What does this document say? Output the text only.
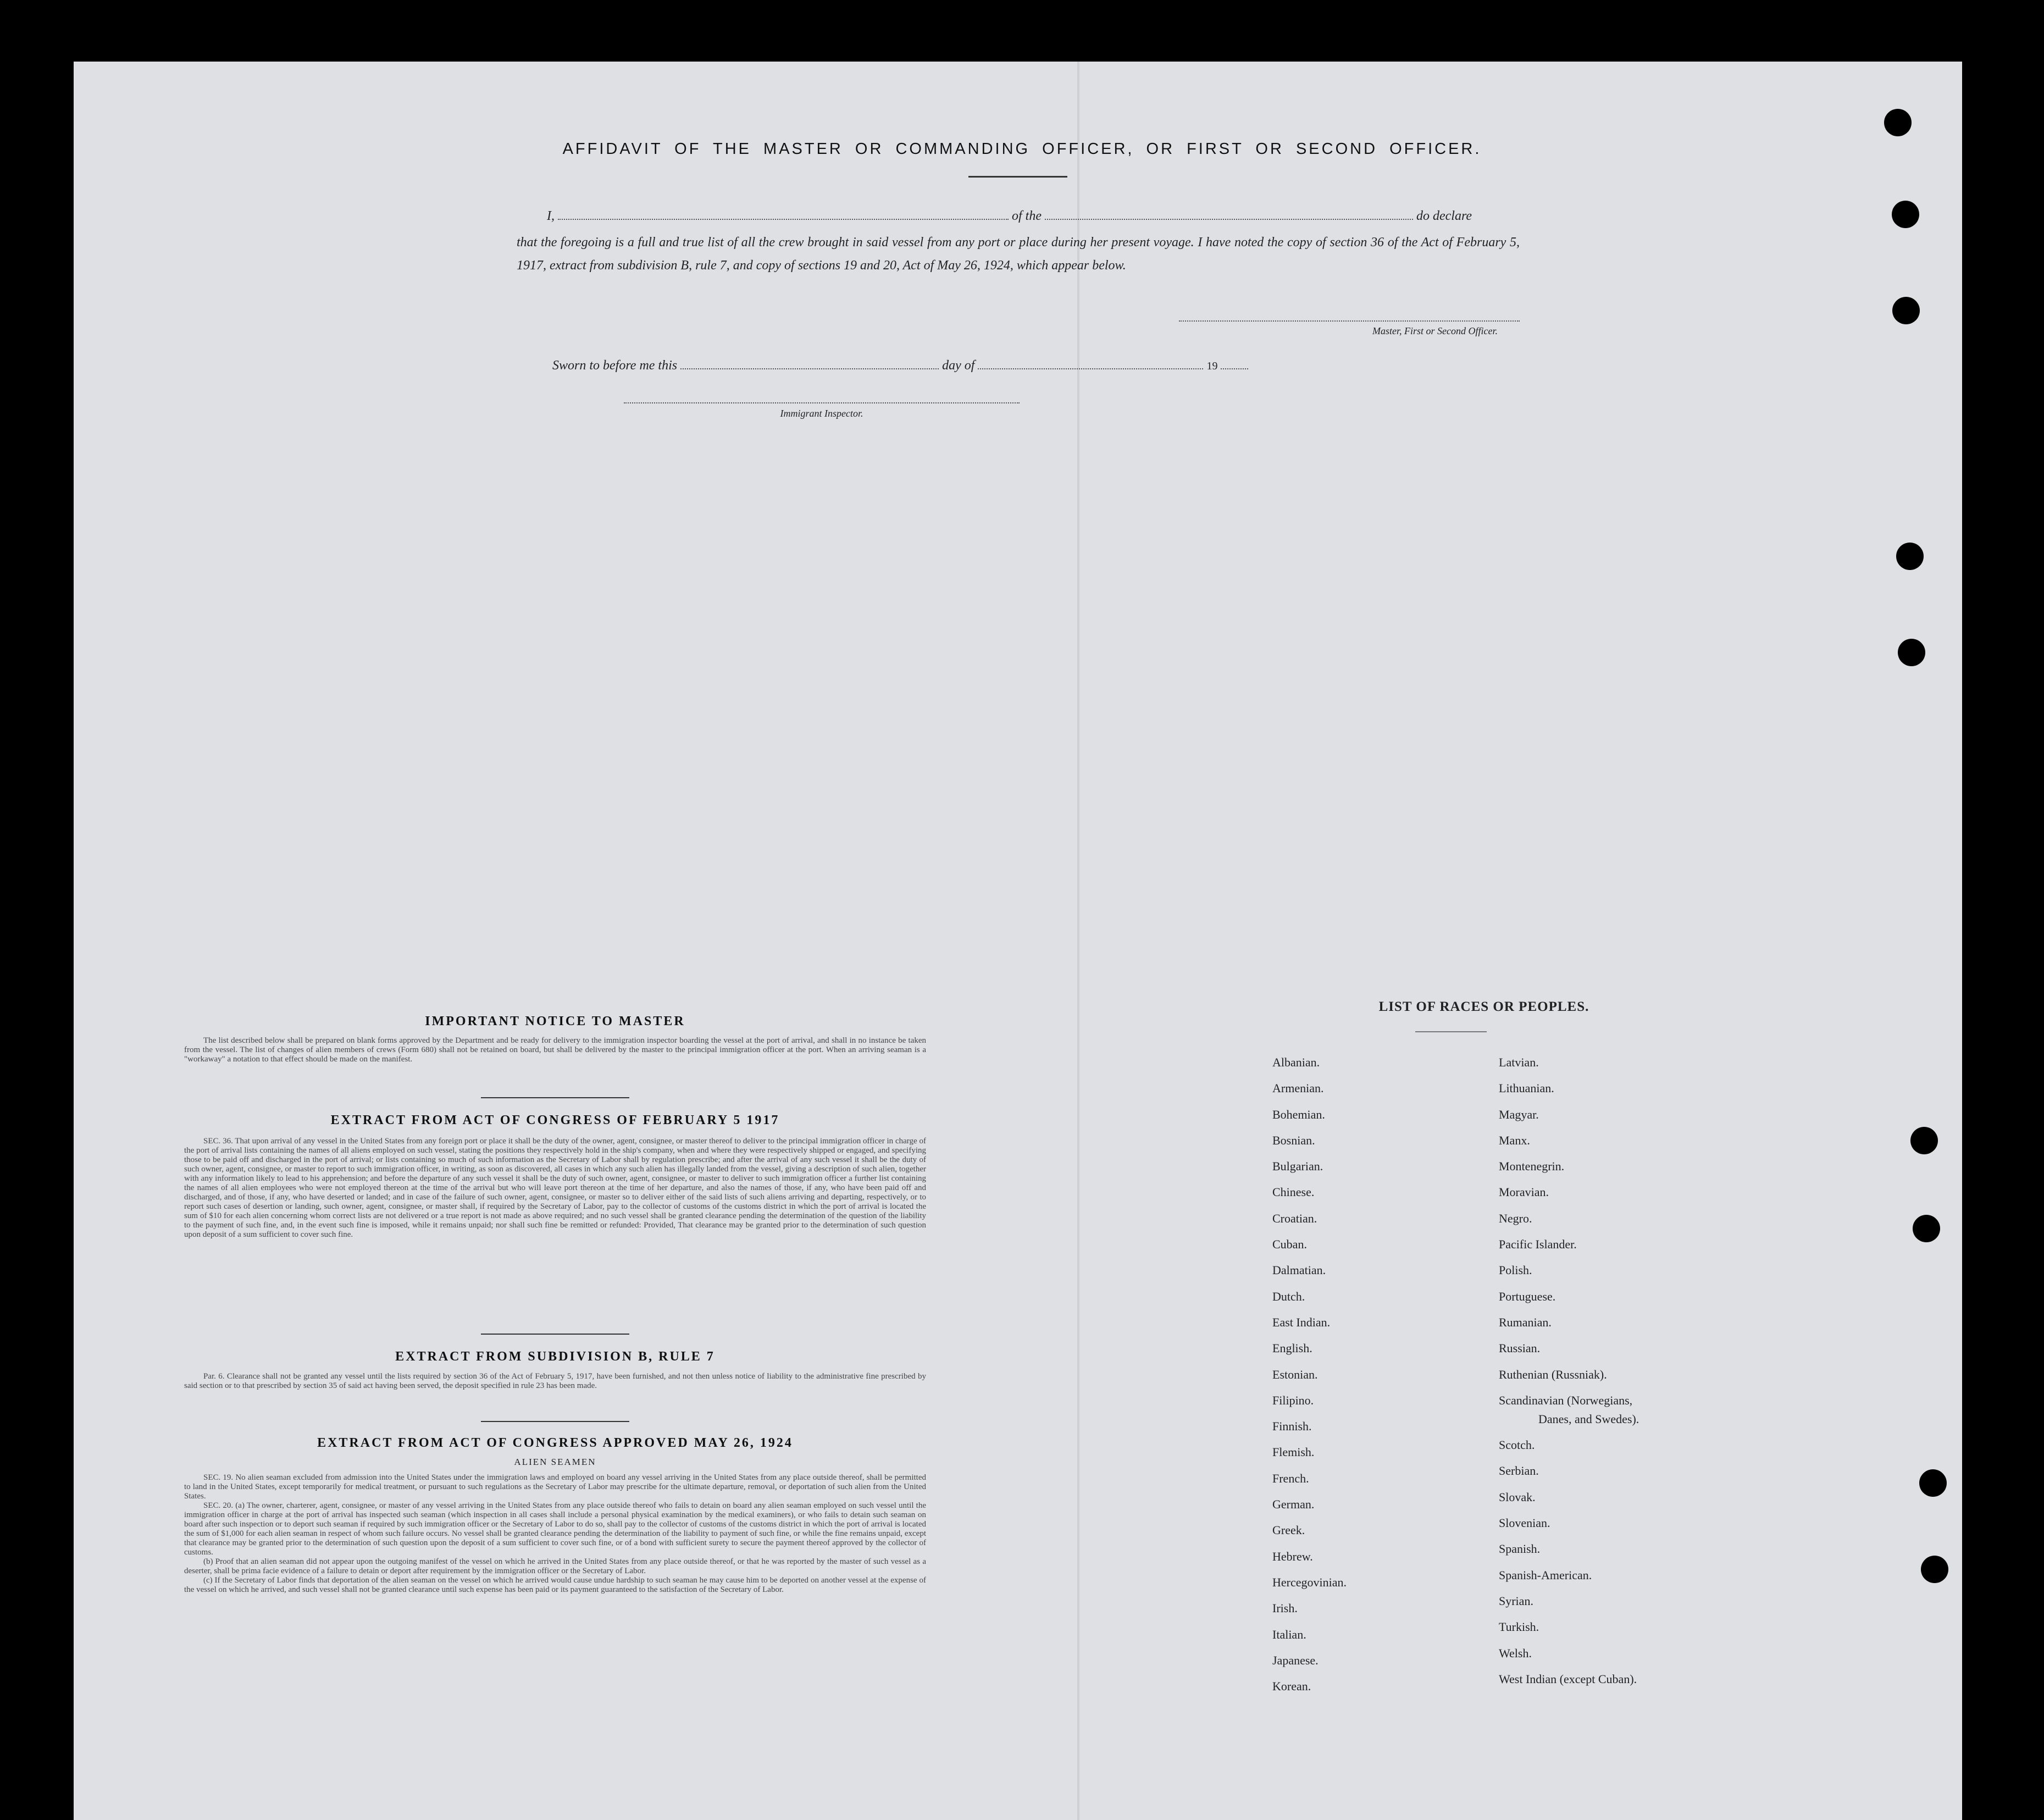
AFFIDAVIT OF THE MASTER OR COMMANDING OFFICER, OR FIRST OR SECOND OFFICER.
I,	of the	do declare
that the foregoing is a full and true list of all the crew brought in said vessel from any port or place during her present voyage. I have noted the copy of section 36 of the Act of February 5, 1917, extract from subdivision B, rule 7, and copy of sections 19 and 20, Act of May 26, 1924, which appear below.
Master, First or Second Officer.
Sworn to before me this	day of	19
Immigrant Inspector.
IMPORTANT NOTICE TO MASTER

The list described below shall be prepared on blank forms approved by the Department and be ready for delivery to the immigration inspector boarding the vessel at the port of arrival, and shall in no instance be taken from the vessel. The list of changes of alien members of crews (Form 680) shall not be retained on board, but shall be delivered by the master to the principal immigration officer at the port. When an arriving seaman is a "workaway" a notation to that effect should be made on the manifest.

EXTRACT FROM ACT OF CONGRESS OF FEBRUARY 5 1917

SEC. 36. That upon arrival of any vessel in the United States from any foreign port or place it shall be the duty of the owner, agent, consignee, or master thereof to deliver to the principal immigration officer in charge of the port of arrival lists containing the names of all aliens employed on such vessel, stating the positions they respectively hold in the ship's company, when and where they were respectively shipped or engaged, and specifying those to be paid off and discharged in the port of arrival; or lists containing so much of such information as the Secretary of Labor shall by regulation prescribe; and after the arrival of any such vessel it shall be the duty of such owner, agent, consignee, or master to report to such immigration officer, in writing, as soon as discovered, all cases in which any such alien has illegally landed from the vessel, giving a description of such alien, together with any information likely to lead to his apprehension; and before the departure of any such vessel it shall be the duty of such owner, agent, consignee, or master to deliver to such immigration officer a further list containing the names of all alien employees who were not employed thereon at the time of the arrival but who will leave port thereon at the time of her departure, and also the names of those, if any, who have been paid off and discharged, and of those, if any, who have deserted or landed; and in case of the failure of such owner, agent, consignee, or master so to deliver either of the said lists of such aliens arriving and departing, respectively, or to report such cases of desertion or landing, such owner, agent, consignee, or master shall, if required by the Secretary of Labor, pay to the collector of customs of the customs district in which the port of arrival is located the sum of $10 for each alien concerning whom correct lists are not delivered or a true report is not made as above required; and no such vessel shall be granted clearance pending the determination of the question of the liability to the payment of such fine, and, in the event such fine is imposed, while it remains unpaid; nor shall such fine be remitted or refunded: Provided, That clearance may be granted prior to the determination of such question upon deposit of a sum sufficient to cover such fine.

EXTRACT FROM SUBDIVISION B, RULE 7

Par. 6. Clearance shall not be granted any vessel until the lists required by section 36 of the Act of February 5, 1917, have been furnished, and not then unless notice of liability to the administrative fine prescribed by said section or to that prescribed by section 35 of said act having been served, the deposit specified in rule 23 has been made.

EXTRACT FROM ACT OF CONGRESS APPROVED MAY 26, 1924
ALIEN SEAMEN

SEC. 19. No alien seaman excluded from admission into the United States under the immigration laws and employed on board any vessel arriving in the United States from any place outside thereof, shall be permitted to land in the United States, except temporarily for medical treatment, or pursuant to such regulations as the Secretary of Labor may prescribe for the ultimate departure, removal, or deportation of such alien from the United States.

SEC. 20. (a) The owner, charterer, agent, consignee, or master of any vessel arriving in the United States from any place outside thereof who fails to detain on board any alien seaman employed on such vessel until the immigration officer in charge at the port of arrival has inspected such seaman (which inspection in all cases shall include a personal physical examination by the medical examiners), or who fails to detain such seaman on board after such inspection or to deport such seaman if required by such immigration officer or the Secretary of Labor to do so, shall pay to the collector of customs of the customs district in which the port of arrival is located the sum of $1,000 for each alien seaman in respect of whom such failure occurs. No vessel shall be granted clearance pending the determination of the liability to payment of such fine, or while the fine remains unpaid, except that clearance may be granted prior to the determination of such question upon the deposit of a sum sufficient to cover such fine, or of a bond with sufficient surety to secure the payment thereof approved by the collector of customs.

(b) Proof that an alien seaman did not appear upon the outgoing manifest of the vessel on which he arrived in the United States from any place outside thereof, or that he was reported by the master of such vessel as a deserter, shall be prima facie evidence of a failure to detain or deport after requirement by the immigration officer or the Secretary of Labor.

(c) If the Secretary of Labor finds that deportation of the alien seaman on the vessel on which he arrived would cause undue hardship to such seaman he may cause him to be deported on another vessel at the expense of the vessel on which he arrived, and such vessel shall not be granted clearance until such expense has been paid or its payment guaranteed to the satisfaction of the Secretary of Labor.

LIST OF RACES OR PEOPLES.
Albanian.
Armenian.
Bohemian.
Bosnian.
Bulgarian.
Chinese.
Croatian.
Cuban.
Dalmatian.
Dutch.
East Indian.
English.
Estonian.
Filipino.
Finnish.
Flemish.
French.
German.
Greek.
Hebrew.
Hercegovinian.
Irish.
Italian.
Japanese.
Korean.
Latvian.
Lithuanian.
Magyar.
Manx.
Montenegrin.
Moravian.
Negro.
Pacific Islander.
Polish.
Portuguese.
Rumanian.
Russian.
Ruthenian (Russniak).
Scandinavian (Norwegians,
Danes, and Swedes).
Scotch.
Serbian.
Slovak.
Slovenian.
Spanish.
Spanish-American.
Syrian.
Turkish.
Welsh.
West Indian (except Cuban).
